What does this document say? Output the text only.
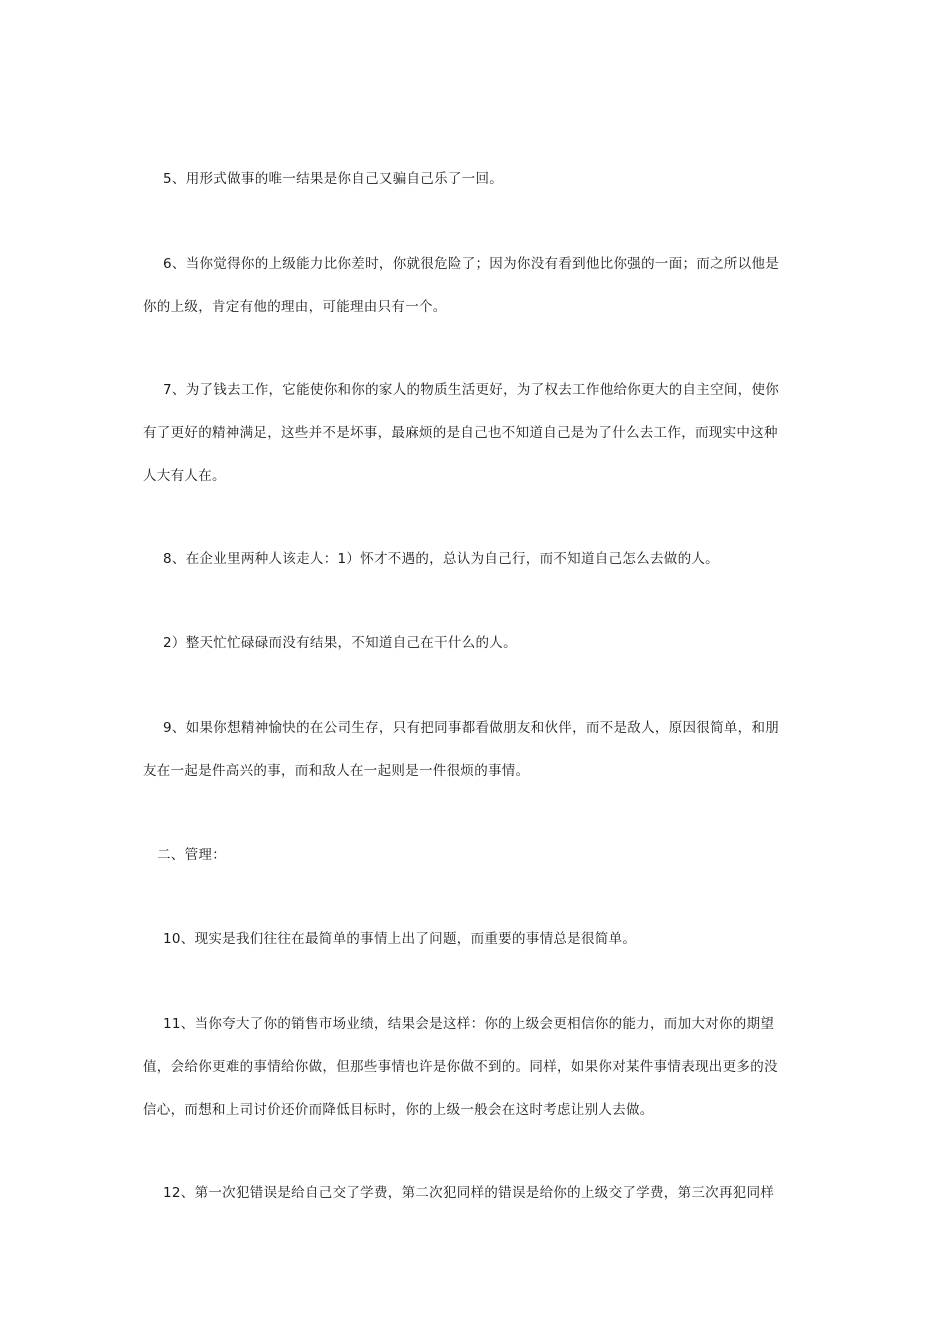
5、用形式做事的唯一结果是你自己又骗自己乐了一回。
6、当你觉得你的上级能力比你差时，你就很危险了；因为你没有看到他比你强的一面；而之所以他是
你的上级，肯定有他的理由，可能理由只有一个。
7、为了钱去工作，它能使你和你的家人的物质生活更好，为了权去工作他给你更大的自主空间，使你
有了更好的精神满足，这些并不是坏事，最麻烦的是自己也不知道自己是为了什么去工作，而现实中这种
人大有人在。
8、在企业里两种人该走人：1）怀才不遇的，总认为自己行，而不知道自己怎么去做的人。
2）整天忙忙碌碌而没有结果，不知道自己在干什么的人。
9、如果你想精神愉快的在公司生存，只有把同事都看做朋友和伙伴，而不是敌人，原因很简单，和朋
友在一起是件高兴的事，而和敌人在一起则是一件很烦的事情。
二、管理：
10、现实是我们往往在最简单的事情上出了问题，而重要的事情总是很简单。
11、当你夸大了你的销售市场业绩，结果会是这样：你的上级会更相信你的能力，而加大对你的期望
值，会给你更难的事情给你做，但那些事情也许是你做不到的。同样，如果你对某件事情表现出更多的没
信心，而想和上司讨价还价而降低目标时，你的上级一般会在这时考虑让别人去做。
12、第一次犯错误是给自己交了学费，第二次犯同样的错误是给你的上级交了学费，第三次再犯同样
